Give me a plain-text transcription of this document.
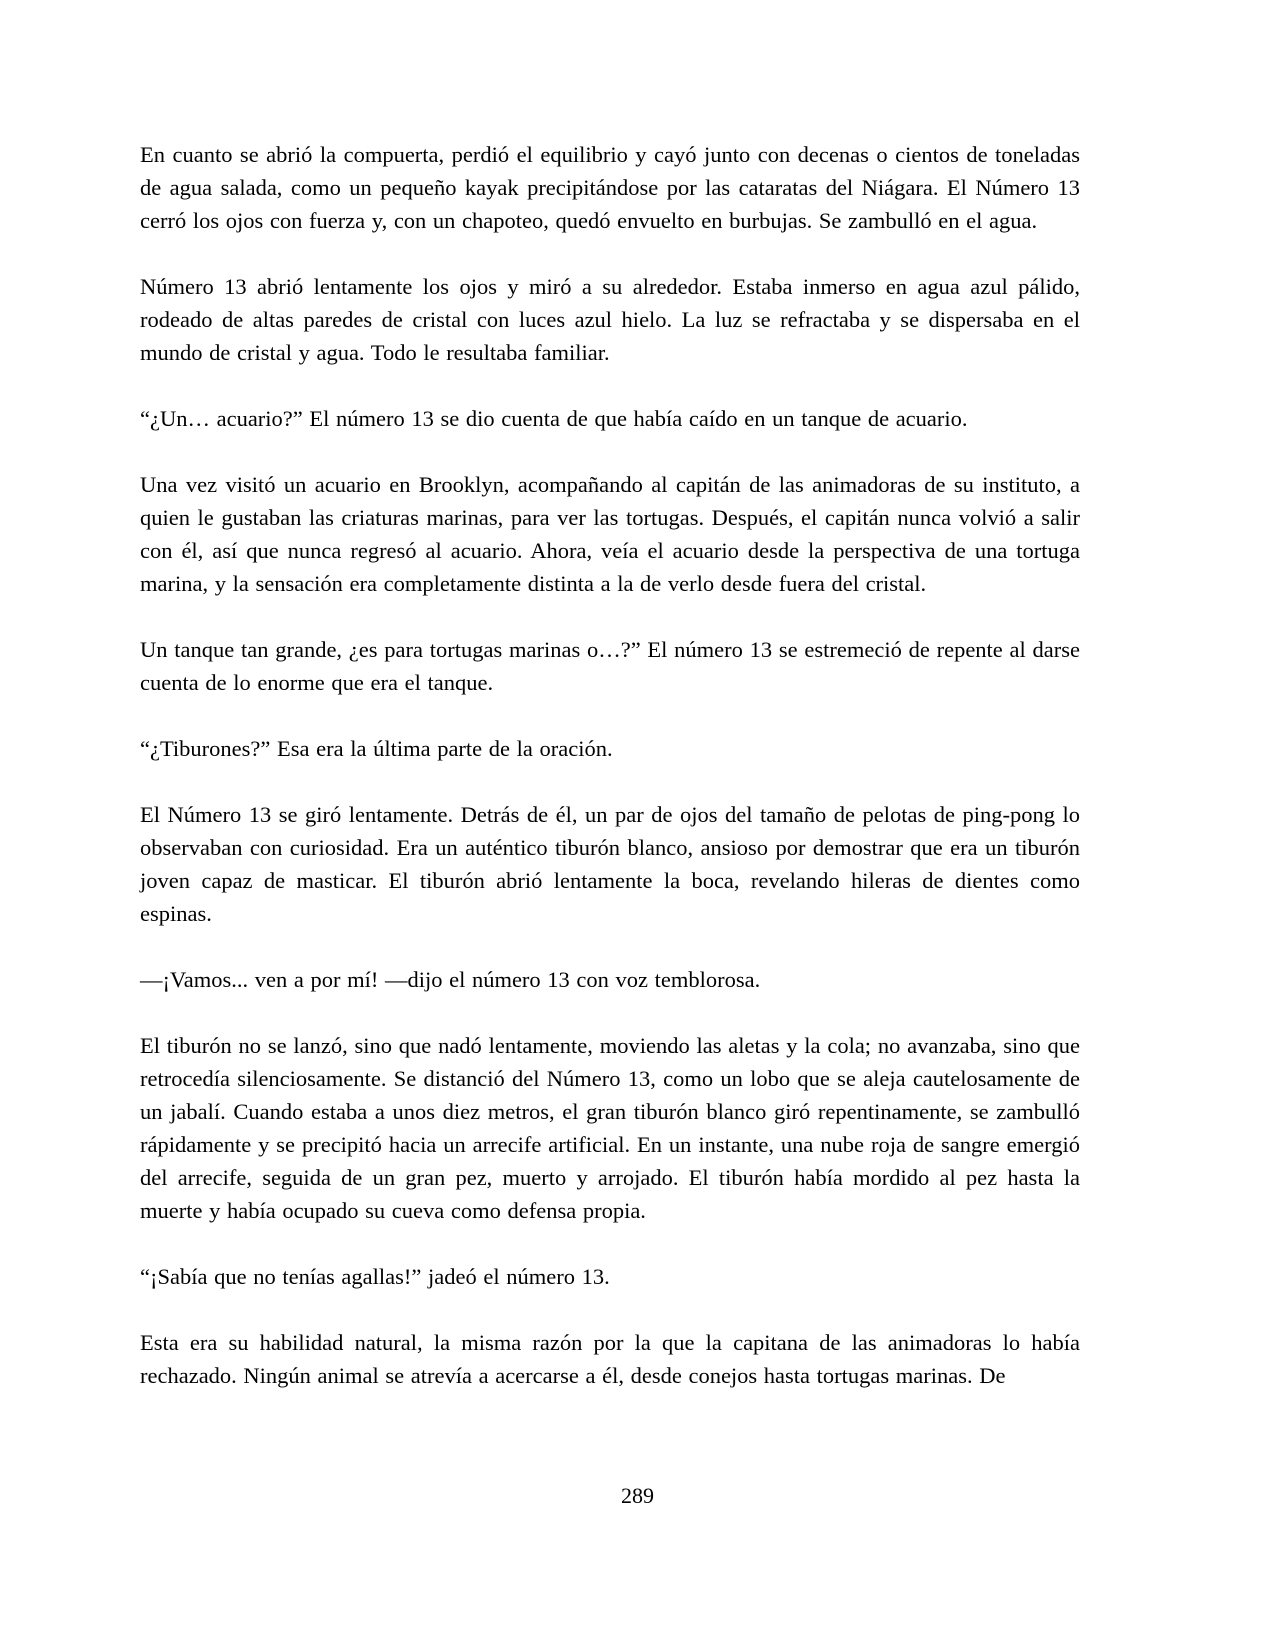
En cuanto se abrió la compuerta, perdió el equilibrio y cayó junto con decenas o cientos de toneladas de agua salada, como un pequeño kayak precipitándose por las cataratas del Niágara. El Número 13 cerró los ojos con fuerza y, con un chapoteo, quedó envuelto en burbujas. Se zambulló en el agua.

Número 13 abrió lentamente los ojos y miró a su alrededor. Estaba inmerso en agua azul pálido, rodeado de altas paredes de cristal con luces azul hielo. La luz se refractaba y se dispersaba en el mundo de cristal y agua. Todo le resultaba familiar.

“¿Un… acuario?” El número 13 se dio cuenta de que había caído en un tanque de acuario.

Una vez visitó un acuario en Brooklyn, acompañando al capitán de las animadoras de su instituto, a quien le gustaban las criaturas marinas, para ver las tortugas. Después, el capitán nunca volvió a salir con él, así que nunca regresó al acuario. Ahora, veía el acuario desde la perspectiva de una tortuga marina, y la sensación era completamente distinta a la de verlo desde fuera del cristal.

Un tanque tan grande, ¿es para tortugas marinas o…?” El número 13 se estremeció de repente al darse cuenta de lo enorme que era el tanque.

“¿Tiburones?” Esa era la última parte de la oración.

El Número 13 se giró lentamente. Detrás de él, un par de ojos del tamaño de pelotas de ping-pong lo observaban con curiosidad. Era un auténtico tiburón blanco, ansioso por demostrar que era un tiburón joven capaz de masticar. El tiburón abrió lentamente la boca, revelando hileras de dientes como espinas.

—¡Vamos... ven a por mí! —dijo el número 13 con voz temblorosa.

El tiburón no se lanzó, sino que nadó lentamente, moviendo las aletas y la cola; no avanzaba, sino que retrocedía silenciosamente. Se distanció del Número 13, como un lobo que se aleja cautelosamente de un jabalí. Cuando estaba a unos diez metros, el gran tiburón blanco giró repentinamente, se zambulló rápidamente y se precipitó hacia un arrecife artificial. En un instante, una nube roja de sangre emergió del arrecife, seguida de un gran pez, muerto y arrojado. El tiburón había mordido al pez hasta la muerte y había ocupado su cueva como defensa propia.

“¡Sabía que no tenías agallas!” jadeó el número 13.

Esta era su habilidad natural, la misma razón por la que la capitana de las animadoras lo había rechazado. Ningún animal se atrevía a acercarse a él, desde conejos hasta tortugas marinas. De

289
